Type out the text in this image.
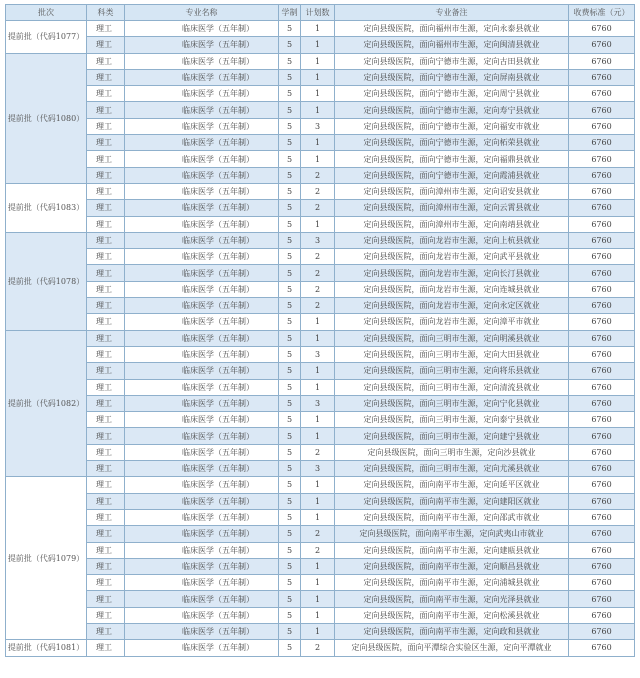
批次	科类	专业名称	学制	计划数	专业备注	收费标准（元）
提前批（代码1077）	理工	临床医学（五年制）	5	1	定向县级医院，面向福州市生源，定向永泰县就业	6760
	理工	临床医学（五年制）	5	1	定向县级医院，面向福州市生源，定向闽清县就业	6760
提前批（代码1080）	理工	临床医学（五年制）	5	1	定向县级医院，面向宁德市生源，定向古田县就业	6760
	理工	临床医学（五年制）	5	1	定向县级医院，面向宁德市生源，定向屏南县就业	6760
	理工	临床医学（五年制）	5	1	定向县级医院，面向宁德市生源，定向周宁县就业	6760
	理工	临床医学（五年制）	5	1	定向县级医院，面向宁德市生源，定向寿宁县就业	6760
	理工	临床医学（五年制）	5	3	定向县级医院，面向宁德市生源，定向福安市就业	6760
	理工	临床医学（五年制）	5	1	定向县级医院，面向宁德市生源，定向柘荣县就业	6760
	理工	临床医学（五年制）	5	1	定向县级医院，面向宁德市生源，定向福鼎县就业	6760
	理工	临床医学（五年制）	5	2	定向县级医院，面向宁德市生源，定向霞浦县就业	6760
提前批（代码1083）	理工	临床医学（五年制）	5	2	定向县级医院，面向漳州市生源，定向诏安县就业	6760
	理工	临床医学（五年制）	5	2	定向县级医院，面向漳州市生源，定向云霄县就业	6760
	理工	临床医学（五年制）	5	1	定向县级医院，面向漳州市生源，定向南靖县就业	6760
提前批（代码1078）	理工	临床医学（五年制）	5	3	定向县级医院，面向龙岩市生源，定向上杭县就业	6760
	理工	临床医学（五年制）	5	2	定向县级医院，面向龙岩市生源，定向武平县就业	6760
	理工	临床医学（五年制）	5	2	定向县级医院，面向龙岩市生源，定向长汀县就业	6760
	理工	临床医学（五年制）	5	2	定向县级医院，面向龙岩市生源，定向连城县就业	6760
	理工	临床医学（五年制）	5	2	定向县级医院，面向龙岩市生源，定向永定区就业	6760
	理工	临床医学（五年制）	5	1	定向县级医院，面向龙岩市生源，定向漳平市就业	6760
提前批（代码1082）	理工	临床医学（五年制）	5	1	定向县级医院，面向三明市生源，定向明溪县就业	6760
	理工	临床医学（五年制）	5	3	定向县级医院，面向三明市生源，定向大田县就业	6760
	理工	临床医学（五年制）	5	1	定向县级医院，面向三明市生源，定向将乐县就业	6760
	理工	临床医学（五年制）	5	1	定向县级医院，面向三明市生源，定向清流县就业	6760
	理工	临床医学（五年制）	5	3	定向县级医院，面向三明市生源，定向宁化县就业	6760
	理工	临床医学（五年制）	5	1	定向县级医院，面向三明市生源，定向泰宁县就业	6760
	理工	临床医学（五年制）	5	1	定向县级医院，面向三明市生源，定向建宁县就业	6760
	理工	临床医学（五年制）	5	2	定向县级医院，面向三明市生源，定向沙县就业	6760
	理工	临床医学（五年制）	5	3	定向县级医院，面向三明市生源，定向尤溪县就业	6760
提前批（代码1079）	理工	临床医学（五年制）	5	1	定向县级医院，面向南平市生源，定向延平区就业	6760
	理工	临床医学（五年制）	5	1	定向县级医院，面向南平市生源，定向建阳区就业	6760
	理工	临床医学（五年制）	5	1	定向县级医院，面向南平市生源，定向邵武市就业	6760
	理工	临床医学（五年制）	5	2	定向县级医院，面向南平市生源，定向武夷山市就业	6760
	理工	临床医学（五年制）	5	2	定向县级医院，面向南平市生源，定向建瓯县就业	6760
	理工	临床医学（五年制）	5	1	定向县级医院，面向南平市生源，定向顺昌县就业	6760
	理工	临床医学（五年制）	5	1	定向县级医院，面向南平市生源，定向浦城县就业	6760
	理工	临床医学（五年制）	5	1	定向县级医院，面向南平市生源，定向光泽县就业	6760
	理工	临床医学（五年制）	5	1	定向县级医院，面向南平市生源，定向松溪县就业	6760
	理工	临床医学（五年制）	5	1	定向县级医院，面向南平市生源，定向政和县就业	6760
提前批（代码1081）	理工	临床医学（五年制）	5	2	定向县级医院，面向平潭综合实验区生源，定向平潭就业	6760
